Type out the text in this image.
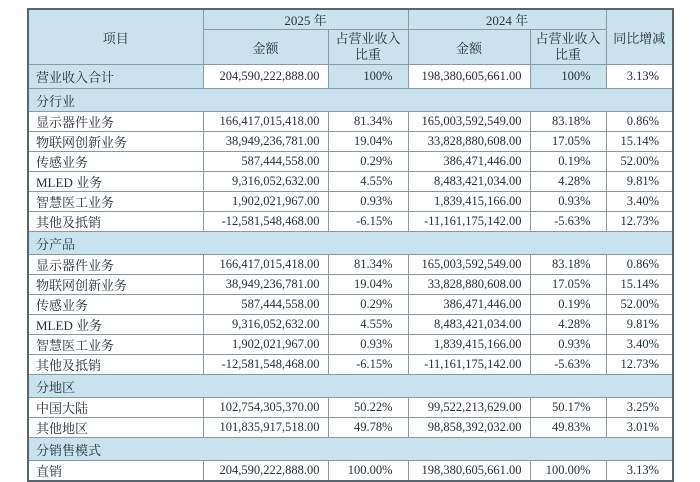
项目	2025 年		2024 年		同比增减
	金额	占营业收入比重	金额	占营业收入比重	

营业收入合计	204,590,222,888.00	100%	198,380,605,661.00	100%	3.13%
分行业					
显示器件业务	166,417,015,418.00	81.34%	165,003,592,549.00	83.18%	0.86%
物联网创新业务	38,949,236,781.00	19.04%	33,828,880,608.00	17.05%	15.14%
传感业务	587,444,558.00	0.29%	386,471,446.00	0.19%	52.00%
MLED 业务	9,316,052,632.00	4.55%	8,483,421,034.00	4.28%	9.81%
智慧医工业务	1,902,021,967.00	0.93%	1,839,415,166.00	0.93%	3.40%
其他及抵销	-12,581,548,468.00	-6.15%	-11,161,175,142.00	-5.63%	12.73%
分产品					
显示器件业务	166,417,015,418.00	81.34%	165,003,592,549.00	83.18%	0.86%
物联网创新业务	38,949,236,781.00	19.04%	33,828,880,608.00	17.05%	15.14%
传感业务	587,444,558.00	0.29%	386,471,446.00	0.19%	52.00%
MLED 业务	9,316,052,632.00	4.55%	8,483,421,034.00	4.28%	9.81%
智慧医工业务	1,902,021,967.00	0.93%	1,839,415,166.00	0.93%	3.40%
其他及抵销	-12,581,548,468.00	-6.15%	-11,161,175,142.00	-5.63%	12.73%
分地区					
中国大陆	102,754,305,370.00	50.22%	99,522,213,629.00	50.17%	3.25%
其他地区	101,835,917,518.00	49.78%	98,858,392,032.00	49.83%	3.01%
分销售模式					
直销	204,590,222,888.00	100.00%	198,380,605,661.00	100.00%	3.13%
